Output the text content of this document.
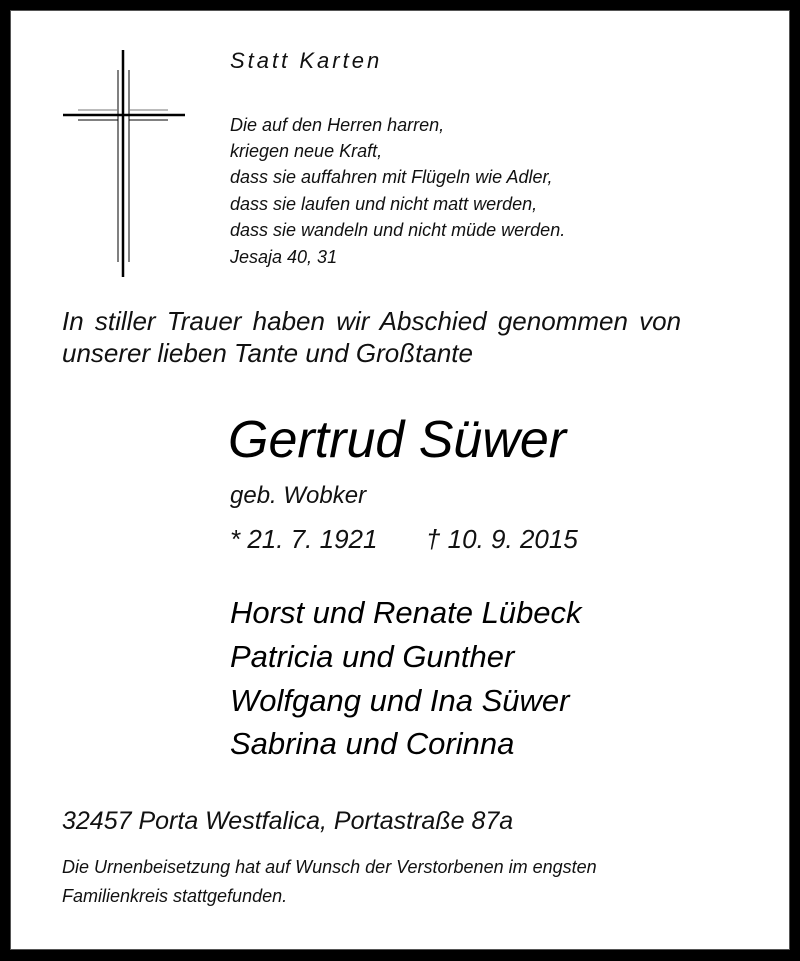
Statt Karten

Die auf den Herren harren,

kriegen neue Kraft,

dass sie auffahren mit Flügeln wie Adler,

dass sie laufen und nicht matt werden,

dass sie wandeln und nicht müde werden.

Jesaja 40, 31

In stiller Trauer haben wir Abschied genommen von

unserer lieben Tante und Großtante

Gertrud Süwer

geb. Wobker

* 21. 7. 1921 † 10. 9. 2015

Horst und Renate Lübeck

Patricia und Gunther

Wolfgang und Ina Süwer

Sabrina und Corinna

32457 Porta Westfalica, Portastraße 87a

Die Urnenbeisetzung hat auf Wunsch der Verstorbenen im engsten

Familienkreis stattgefunden.
